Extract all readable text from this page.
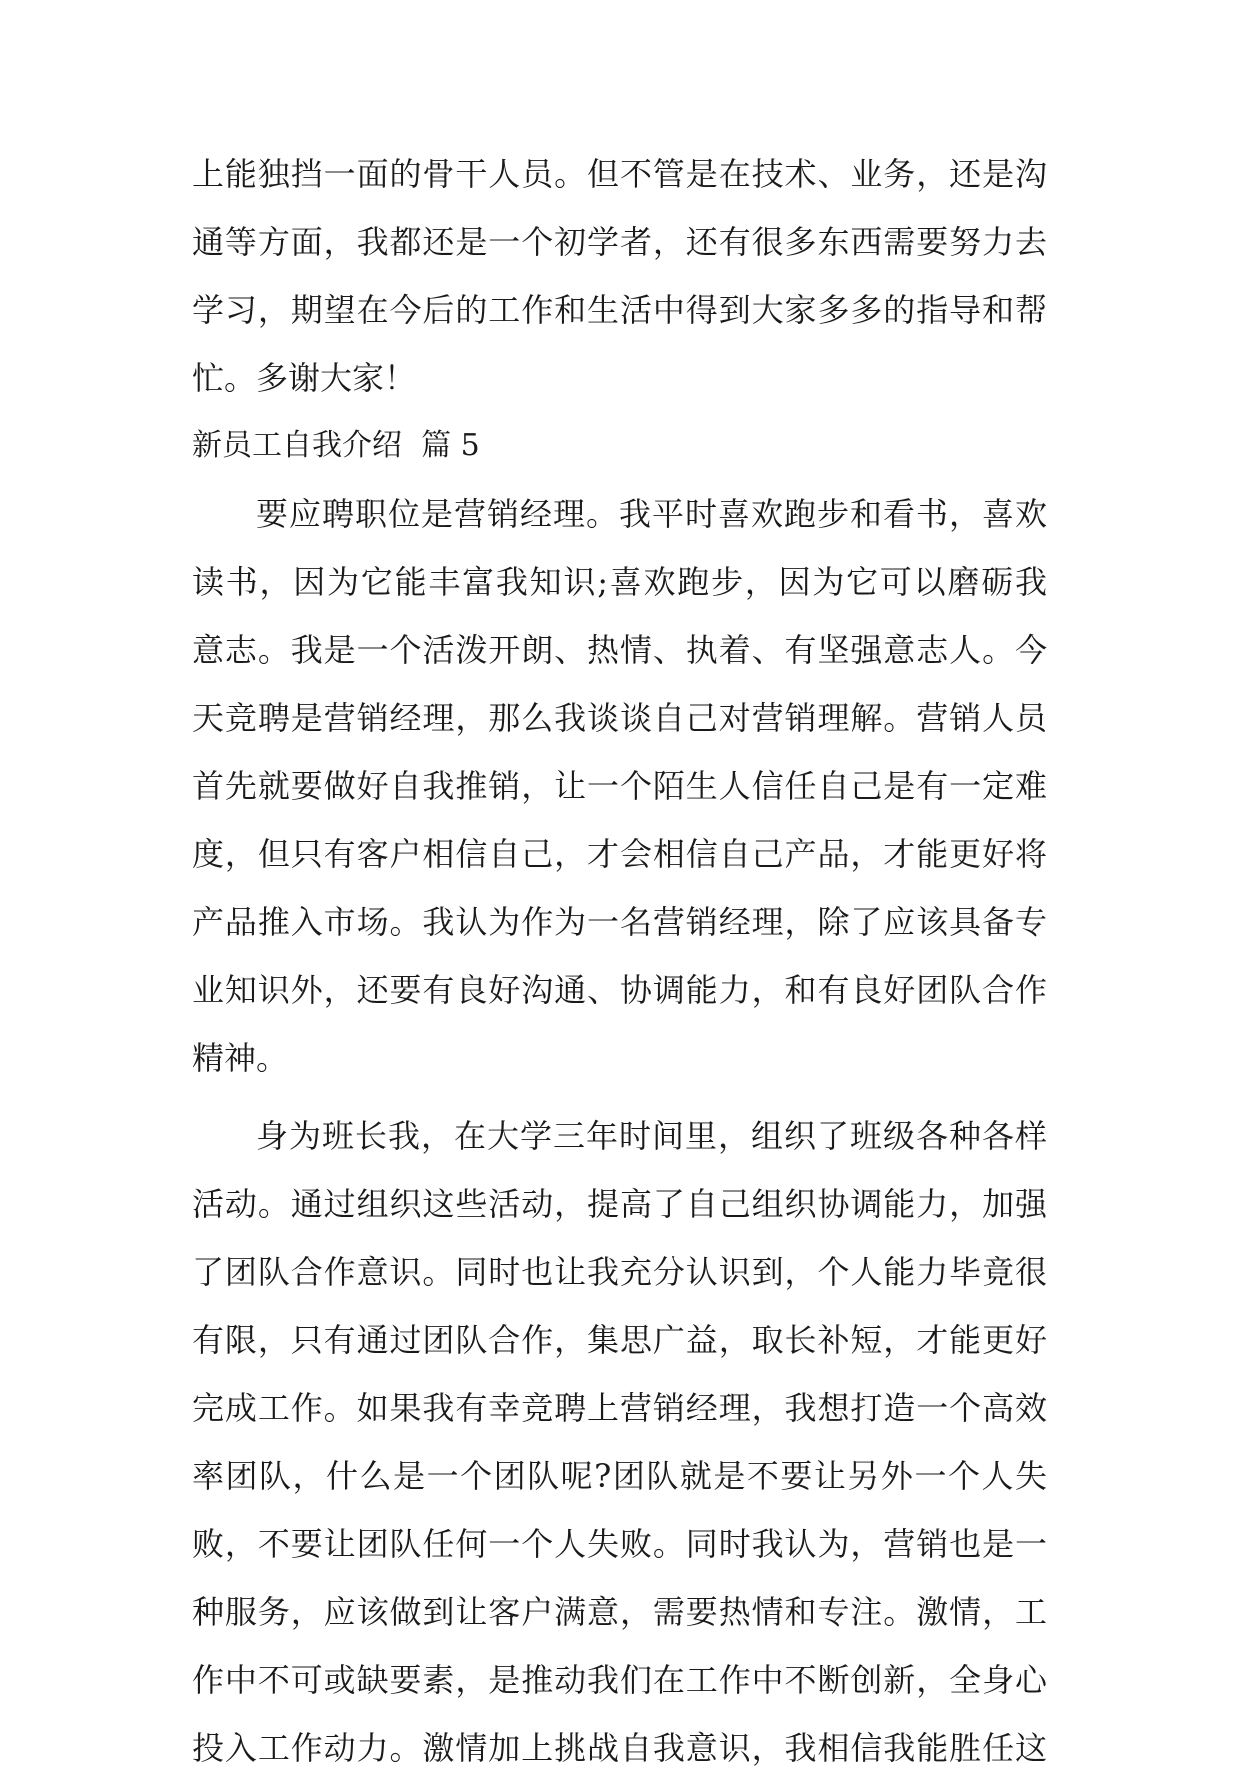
上能独挡一面的骨干人员。但不管是在技术、业务，还是沟
通等方面，我都还是一个初学者，还有很多东西需要努力去
学习，期望在今后的工作和生活中得到大家多多的指导和帮
忙。多谢大家！
新员工自我介绍  篇 5
要应聘职位是营销经理。我平时喜欢跑步和看书，喜欢
读书，因为它能丰富我知识;喜欢跑步，因为它可以磨砺我
意志。我是一个活泼开朗、热情、执着、有坚强意志人。今
天竞聘是营销经理，那么我谈谈自己对营销理解。营销人员
首先就要做好自我推销，让一个陌生人信任自己是有一定难
度，但只有客户相信自己，才会相信自己产品，才能更好将
产品推入市场。我认为作为一名营销经理，除了应该具备专
业知识外，还要有良好沟通、协调能力，和有良好团队合作
精神。
身为班长我，在大学三年时间里，组织了班级各种各样
活动。通过组织这些活动，提高了自己组织协调能力，加强
了团队合作意识。同时也让我充分认识到，个人能力毕竟很
有限，只有通过团队合作，集思广益，取长补短，才能更好
完成工作。如果我有幸竞聘上营销经理，我想打造一个高效
率团队，什么是一个团队呢?团队就是不要让另外一个人失
败，不要让团队任何一个人失败。同时我认为，营销也是一
种服务，应该做到让客户满意，需要热情和专注。激情，工
作中不可或缺要素，是推动我们在工作中不断创新，全身心
投入工作动力。激情加上挑战自我意识，我相信我能胜任这
